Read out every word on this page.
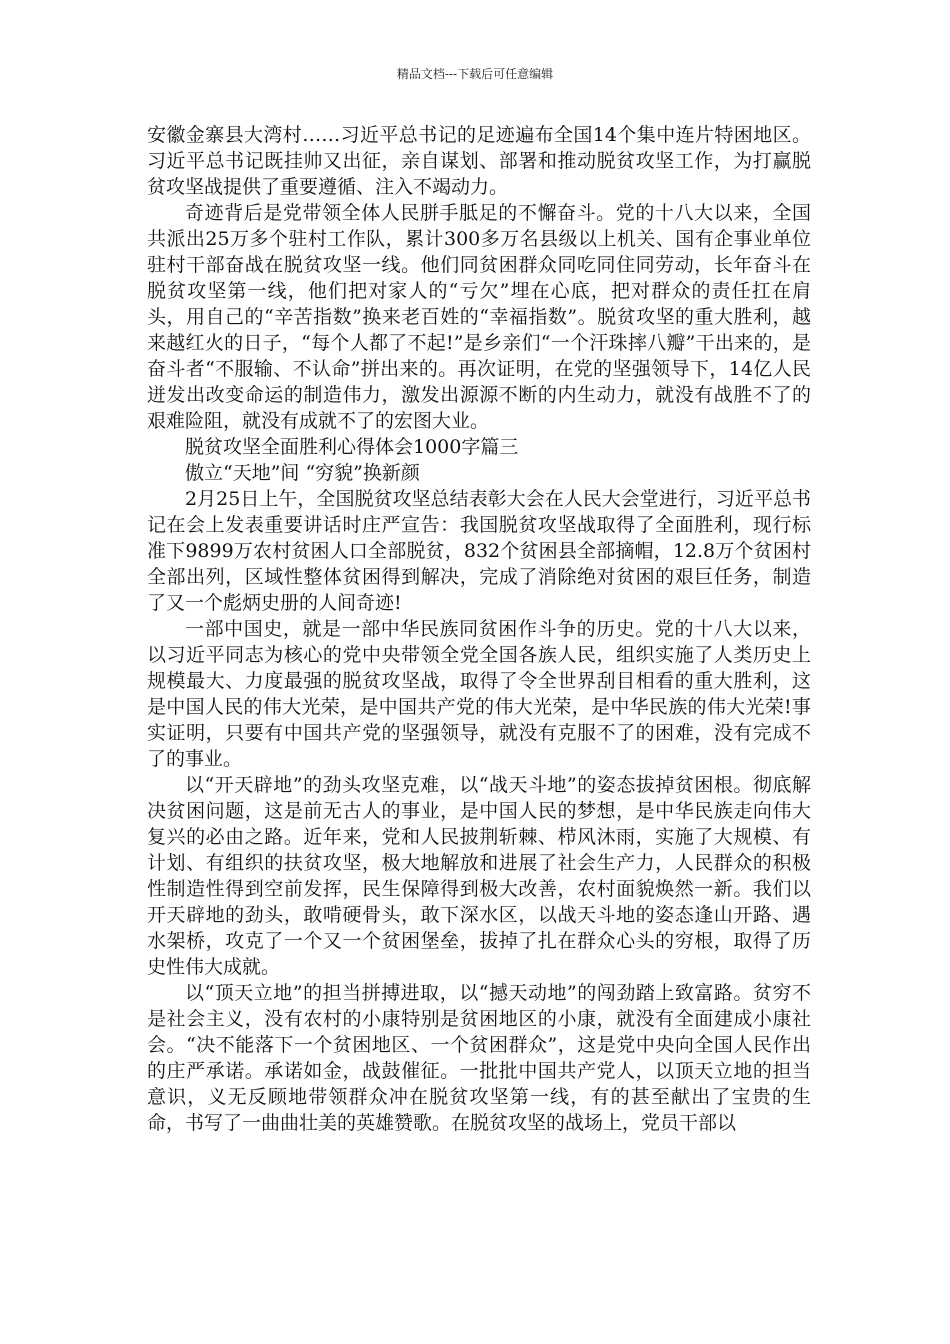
精品文档---下载后可任意编辑

安徽金寨县大湾村……习近平总书记的足迹遍布全国14个集中连片特困地区。习近平总书记既挂帅又出征，亲自谋划、部署和推动脱贫攻坚工作，为打赢脱贫攻坚战提供了重要遵循、注入不竭动力。

奇迹背后是党带领全体人民胼手胝足的不懈奋斗。党的十八大以来，全国共派出25万多个驻村工作队，累计300多万名县级以上机关、国有企事业单位驻村干部奋战在脱贫攻坚一线。他们同贫困群众同吃同住同劳动，长年奋斗在脱贫攻坚第一线，他们把对家人的“亏欠”埋在心底，把对群众的责任扛在肩头，用自己的“辛苦指数”换来老百姓的“幸福指数”。脱贫攻坚的重大胜利，越来越红火的日子，“每个人都了不起!”是乡亲们“一个汗珠摔八瓣”干出来的，是奋斗者“不服输、不认命”拼出来的。再次证明，在党的坚强领导下，14亿人民迸发出改变命运的制造伟力，激发出源源不断的内生动力，就没有战胜不了的艰难险阻，就没有成就不了的宏图大业。

脱贫攻坚全面胜利心得体会1000字篇三

傲立“天地”间 “穷貌”换新颜

2月25日上午，全国脱贫攻坚总结表彰大会在人民大会堂进行，习近平总书记在会上发表重要讲话时庄严宣告：我国脱贫攻坚战取得了全面胜利，现行标准下9899万农村贫困人口全部脱贫，832个贫困县全部摘帽，12.8万个贫困村全部出列，区域性整体贫困得到解决，完成了消除绝对贫困的艰巨任务，制造了又一个彪炳史册的人间奇迹!

一部中国史，就是一部中华民族同贫困作斗争的历史。党的十八大以来，以习近平同志为核心的党中央带领全党全国各族人民，组织实施了人类历史上规模最大、力度最强的脱贫攻坚战，取得了令全世界刮目相看的重大胜利，这是中国人民的伟大光荣，是中国共产党的伟大光荣，是中华民族的伟大光荣!事实证明，只要有中国共产党的坚强领导，就没有克服不了的困难，没有完成不了的事业。

以“开天辟地”的劲头攻坚克难，以“战天斗地”的姿态拔掉贫困根。彻底解决贫困问题，这是前无古人的事业，是中国人民的梦想，是中华民族走向伟大复兴的必由之路。近年来，党和人民披荆斩棘、栉风沐雨，实施了大规模、有计划、有组织的扶贫攻坚，极大地解放和进展了社会生产力，人民群众的积极性制造性得到空前发挥，民生保障得到极大改善，农村面貌焕然一新。我们以开天辟地的劲头，敢啃硬骨头，敢下深水区，以战天斗地的姿态逢山开路、遇水架桥，攻克了一个又一个贫困堡垒，拔掉了扎在群众心头的穷根，取得了历史性伟大成就。

以“顶天立地”的担当拼搏进取，以“撼天动地”的闯劲踏上致富路。贫穷不是社会主义，没有农村的小康特别是贫困地区的小康，就没有全面建成小康社会。“决不能落下一个贫困地区、一个贫困群众”，这是党中央向全国人民作出的庄严承诺。承诺如金，战鼓催征。一批批中国共产党人，以顶天立地的担当意识，义无反顾地带领群众冲在脱贫攻坚第一线，有的甚至献出了宝贵的生命，书写了一曲曲壮美的英雄赞歌。在脱贫攻坚的战场上，党员干部以
